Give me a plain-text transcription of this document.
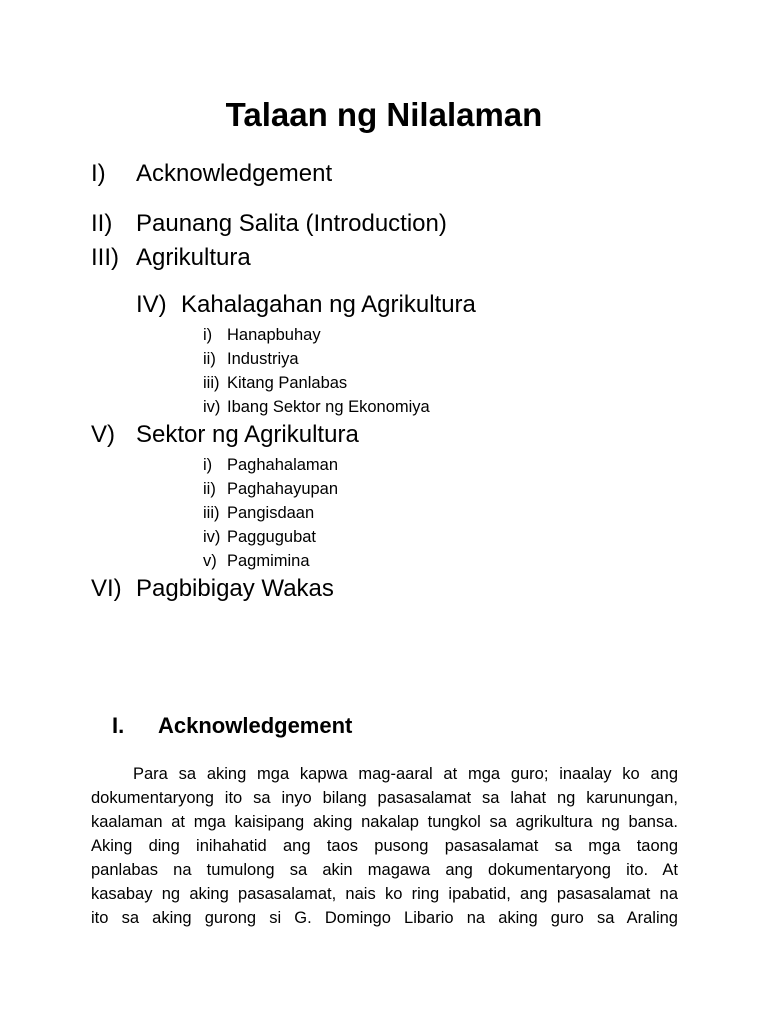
Talaan ng Nilalaman
I) Acknowledgement
II) Paunang Salita (Introduction)
III) Agrikultura
IV) Kahalagahan ng Agrikultura
i) Hanapbuhay
ii) Industriya
iii) Kitang Panlabas
iv) Ibang Sektor ng Ekonomiya
V) Sektor ng Agrikultura
i) Paghahalaman
ii) Paghahayupan
iii) Pangisdaan
iv) Paggugubat
v) Pagmimina
VI) Pagbibigay Wakas
I. Acknowledgement
Para sa aking mga kapwa mag-aaral at mga guro; inaalay ko ang
dokumentaryong ito sa inyo bilang pasasalamat sa lahat ng karunungan,
kaalaman at mga kaisipang aking nakalap tungkol sa agrikultura ng bansa.
Aking ding inihahatid ang taos pusong pasasalamat sa mga taong
panlabas na tumulong sa akin magawa ang dokumentaryong ito. At
kasabay ng aking pasasalamat, nais ko ring ipabatid, ang pasasalamat na
ito sa aking gurong si G. Domingo Libario na aking guro sa Araling
